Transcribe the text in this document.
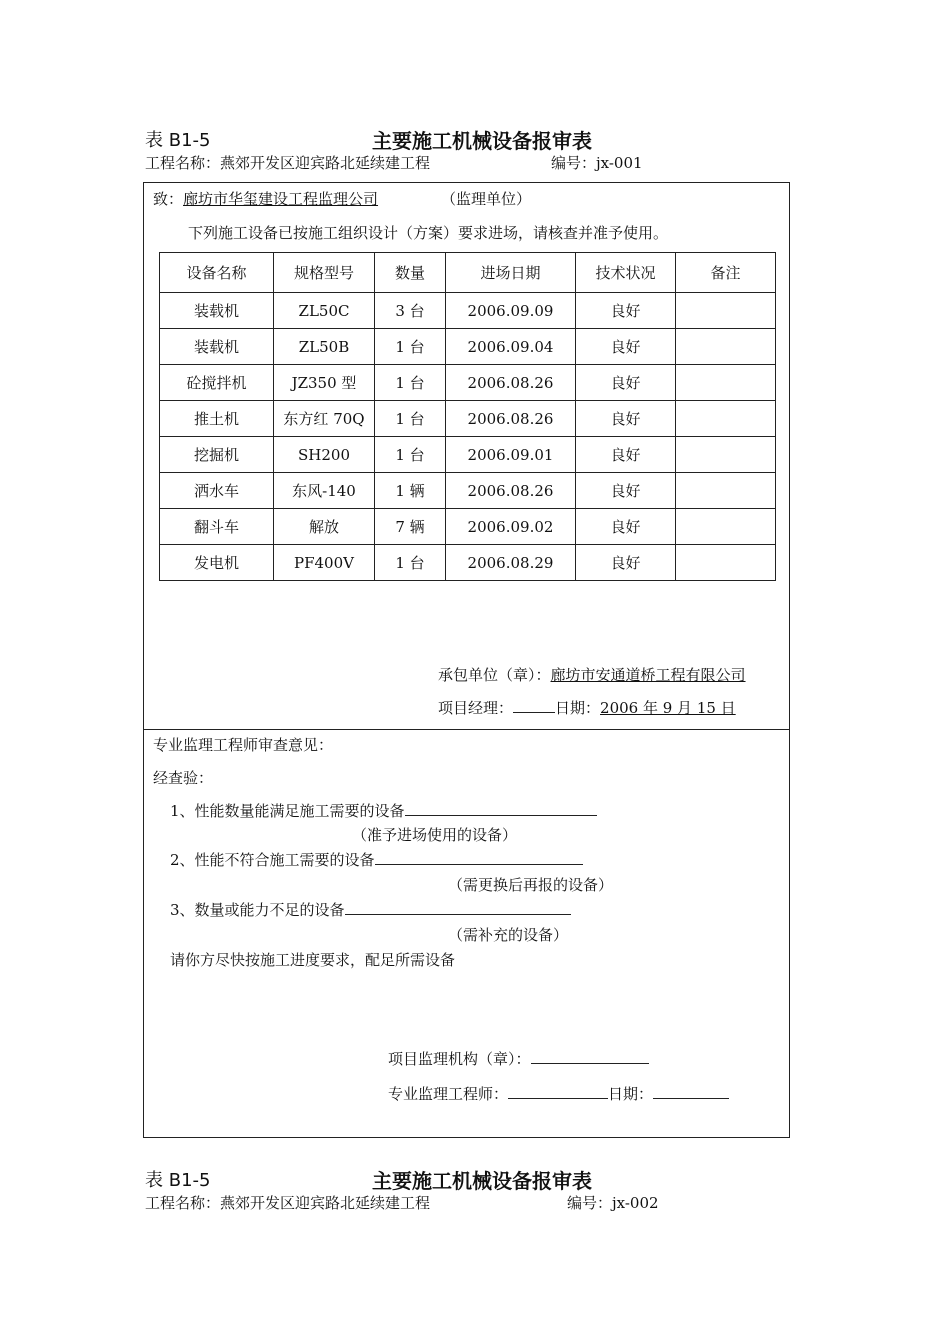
表 B1-5	主要施工机械设备报审表
工程名称：燕郊开发区迎宾路北延续建工程	编号：jx-001
致：廊坊市华玺建设工程监理公司	（监理单位）
下列施工设备已按施工组织设计（方案）要求进场，请核查并准予使用。
设备名称	规格型号	数量	进场日期	技术状况	备注
装载机	ZL50C	3 台	2006.09.09	良好	
装载机	ZL50B	1 台	2006.09.04	良好	
砼搅拌机	JZ350 型	1 台	2006.08.26	良好	
推土机	东方红 70Q	1 台	2006.08.26	良好	
挖掘机	SH200	1 台	2006.09.01	良好	
洒水车	东风-140	1 辆	2006.08.26	良好	
翻斗车	解放	7 辆	2006.09.02	良好	
发电机	PF400V	1 台	2006.08.29	良好	
承包单位（章）：廊坊市安通道桥工程有限公司
项目经理：	日期：2006 年 9 月 15 日
专业监理工程师审查意见：
经查验：
1、性能数量能满足施工需要的设备
（准予进场使用的设备）
2、性能不符合施工需要的设备
（需更换后再报的设备）
3、数量或能力不足的设备
（需补充的设备）
请你方尽快按施工进度要求，配足所需设备
项目监理机构（章）：
专业监理工程师：	日期：
表 B1-5	主要施工机械设备报审表
工程名称：燕郊开发区迎宾路北延续建工程	编号：jx-002
